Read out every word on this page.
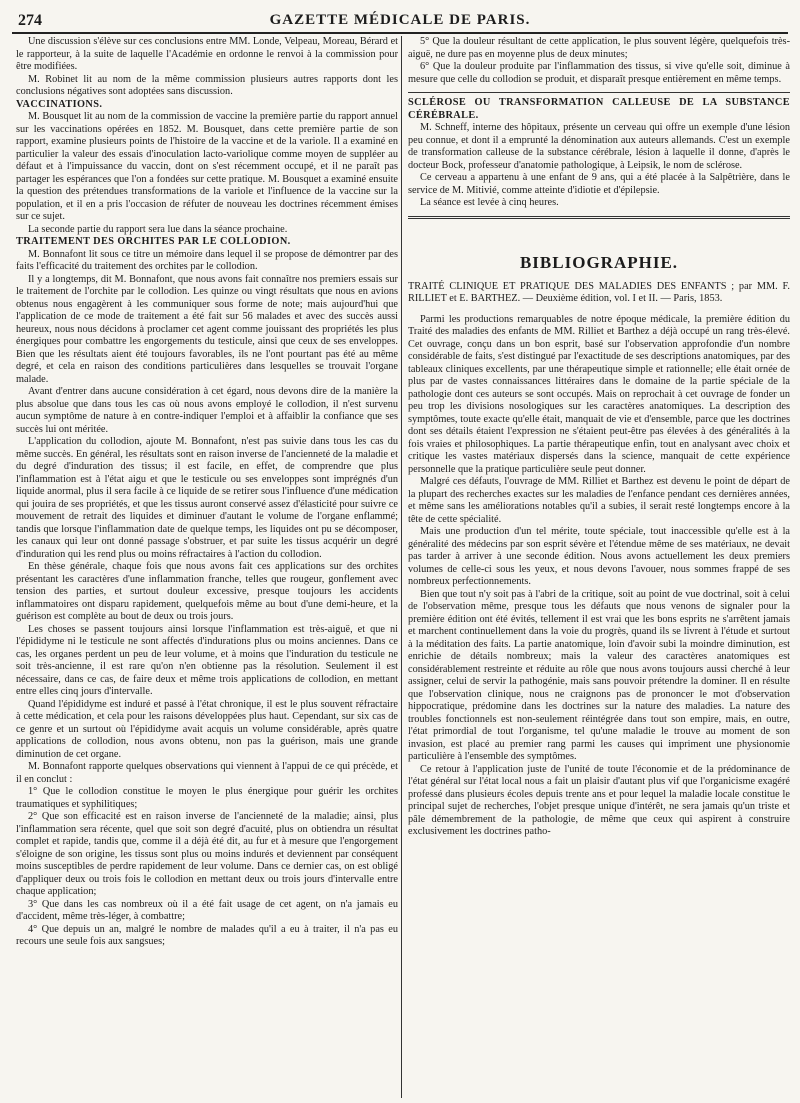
274	GAZETTE MÉDICALE DE PARIS.

Une discussion s'élève sur ces conclusions entre MM. Londe, Velpeau, Moreau, Bérard et le rapporteur, à la suite de laquelle l'Académie en ordonne le renvoi à la commission pour être modifiées.

M. Robinet lit au nom de la même commission plusieurs autres rapports dont les conclusions négatives sont adoptées sans discussion.

VACCINATIONS.

M. Bousquet lit au nom de la commission de vaccine la première partie du rapport annuel sur les vaccinations opérées en 1852. M. Bousquet, dans cette première partie de son rapport, examine plusieurs points de l'histoire de la vaccine et de la variole. Il a examiné en particulier la valeur des essais d'inoculation lacto-variolique comme moyen de suppléer au défaut et à l'impuissance du vaccin, dont on s'est récemment occupé, et il ne paraît pas partager les espérances que l'on a fondées sur cette pratique. M. Bousquet a examiné ensuite la question des prétendues transformations de la variole et l'influence de la vaccine sur la population, et il en a pris l'occasion de réfuter de nouveau les doctrines récemment émises sur ce sujet.

La seconde partie du rapport sera lue dans la séance prochaine.

TRAITEMENT DES ORCHITES PAR LE COLLODION.

M. Bonnafont lit sous ce titre un mémoire dans lequel il se propose de démontrer par des faits l'efficacité du traitement des orchites par le collodion.

Il y a longtemps, dit M. Bonnafont, que nous avons fait connaître nos premiers essais sur le traitement de l'orchite par le collodion. Les quinze ou vingt résultats que nous en avions obtenus nous engagèrent à les communiquer sous forme de note; mais aujourd'hui que l'application de ce mode de traitement a été fait sur 56 malades et avec des succès aussi heureux, nous nous décidons à proclamer cet agent comme jouissant des propriétés les plus énergiques pour combattre les engorgements du testicule, ainsi que ceux de ses enveloppes. Bien que les résultats aient été toujours favorables, ils ne l'ont pourtant pas été au même degré, et cela en raison des conditions particulières dans lesquelles se trouvait l'organe malade.

Avant d'entrer dans aucune considération à cet égard, nous devons dire de la manière la plus absolue que dans tous les cas où nous avons employé le collodion, il n'est survenu aucun symptôme de nature à en contre-indiquer l'emploi et à affaiblir la confiance que ses succès lui ont méritée.

L'application du collodion, ajoute M. Bonnafont, n'est pas suivie dans tous les cas du même succès. En général, les résultats sont en raison inverse de l'ancienneté de la maladie et du degré d'induration des tissus; il est facile, en effet, de comprendre que plus l'inflammation est à l'état aigu et que le testicule ou ses enveloppes sont imprégnés d'un liquide anormal, plus il sera facile à ce liquide de se retirer sous l'influence d'une médication qui jouira de ses propriétés, et que les tissus auront conservé assez d'élasticité pour suivre ce mouvement de retrait des liquides et diminuer d'autant le volume de l'organe enflammé; tandis que lorsque l'inflammation date de quelque temps, les liquides ont pu se décomposer, les canaux qui leur ont donné passage s'obstruer, et par suite les tissus acquérir un degré d'induration qui les rend plus ou moins réfractaires à l'action du collodion.

En thèse générale, chaque fois que nous avons fait ces applications sur des orchites présentant les caractères d'une inflammation franche, telles que rougeur, gonflement avec tension des parties, et surtout douleur excessive, presque toujours les accidents inflammatoires ont disparu rapidement, quelquefois même au bout d'une demi-heure, et la guérison est complète au bout de deux ou trois jours.

Les choses se passent toujours ainsi lorsque l'inflammation est très-aiguë, et que ni l'épididyme ni le testicule ne sont affectés d'indurations plus ou moins anciennes. Dans ce cas, les organes perdent un peu de leur volume, et à moins que l'induration du testicule ne soit très-ancienne, il est rare qu'on n'en obtienne pas la résolution. Seulement il est nécessaire, dans ce cas, de faire deux et même trois applications de collodion, en mettant entre elles cinq jours d'intervalle.

Quand l'épididyme est induré et passé à l'état chronique, il est le plus souvent réfractaire à cette médication, et cela pour les raisons développées plus haut. Cependant, sur six cas de ce genre et un surtout où l'épididyme avait acquis un volume considérable, après quatre applications de collodion, nous avons obtenu, non pas la guérison, mais une grande diminution de cet organe.

M. Bonnafont rapporte quelques observations qui viennent à l'appui de ce qui précède, et il en conclut :

1° Que le collodion constitue le moyen le plus énergique pour guérir les orchites traumatiques et syphilitiques;

2° Que son efficacité est en raison inverse de l'ancienneté de la maladie; ainsi, plus l'inflammation sera récente, quel que soit son degré d'acuité, plus on obtiendra un résultat complet et rapide, tandis que, comme il a déjà été dit, au fur et à mesure que l'engorgement s'éloigne de son origine, les tissus sont plus ou moins indurés et deviennent par conséquent moins susceptibles de perdre rapidement de leur volume. Dans ce dernier cas, on est obligé d'appliquer deux ou trois fois le collodion en mettant deux ou trois jours d'intervalle entre chaque application;

3° Que dans les cas nombreux où il a été fait usage de cet agent, on n'a jamais eu d'accident, même très-léger, à combattre;

4° Que depuis un an, malgré le nombre de malades qu'il a eu à traiter, il n'a pas eu recours une seule fois aux sangsues;

5° Que la douleur résultant de cette application, le plus souvent légère, quelquefois très-aiguë, ne dure pas en moyenne plus de deux minutes;

6° Que la douleur produite par l'inflammation des tissus, si vive qu'elle soit, diminue à mesure que celle du collodion se produit, et disparaît presque entièrement en même temps.

SCLÉROSE OU TRANSFORMATION CALLEUSE DE LA SUBSTANCE CÉRÉBRALE.

M. Schneff, interne des hôpitaux, présente un cerveau qui offre un exemple d'une lésion peu connue, et dont il a emprunté la dénomination aux auteurs allemands. C'est un exemple de transformation calleuse de la substance cérébrale, lésion à laquelle il donne, d'après le docteur Bock, professeur d'anatomie pathologique, à Leipsik, le nom de sclérose.

Ce cerveau a appartenu à une enfant de 9 ans, qui a été placée à la Salpêtrière, dans le service de M. Mitivié, comme atteinte d'idiotie et d'épilepsie.

La séance est levée à cinq heures.

BIBLIOGRAPHIE.

TRAITÉ CLINIQUE ET PRATIQUE DES MALADIES DES ENFANTS ; par MM. F. RILLIET et E. BARTHEZ. — Deuxième édition, vol. I et II. — Paris, 1853.

Parmi les productions remarquables de notre époque médicale, la première édition du Traité des maladies des enfants de MM. Rilliet et Barthez a déjà occupé un rang très-élevé. Cet ouvrage, conçu dans un bon esprit, basé sur l'observation approfondie d'un nombre considérable de faits, s'est distingué par l'exactitude de ses descriptions anatomiques, par des tableaux cliniques excellents, par une thérapeutique simple et rationnelle; elle était ornée de plus par de vastes connaissances littéraires dans le domaine de la partie spéciale de la pathologie dont ces auteurs se sont occupés. Mais on reprochait à cet ouvrage de fonder un peu trop les divisions nosologiques sur les caractères anatomiques. La description des symptômes, toute exacte qu'elle était, manquait de vie et d'ensemble, parce que les doctrines dont ses détails étaient l'expression ne s'étaient peut-être pas élevées à des généralités à la fois vraies et philosophiques. La partie thérapeutique enfin, tout en analysant avec choix et critique les vastes matériaux dispersés dans la science, manquait de cette expérience personnelle que la pratique particulière seule peut donner.

Malgré ces défauts, l'ouvrage de MM. Rilliet et Barthez est devenu le point de départ de la plupart des recherches exactes sur les maladies de l'enfance pendant ces dernières années, et même sans les améliorations notables qu'il a subies, il serait resté longtemps encore à la tête de cette spécialité.

Mais une production d'un tel mérite, toute spéciale, tout inaccessible qu'elle est à la généralité des médecins par son esprit sévère et l'étendue même de ses matériaux, ne devait pas tarder à arriver à une seconde édition. Nous avons actuellement les deux premiers volumes de celle-ci sous les yeux, et nous devons l'avouer, nous sommes frappé de ses nombreux perfectionnements.

Bien que tout n'y soit pas à l'abri de la critique, soit au point de vue doctrinal, soit à celui de l'observation même, presque tous les défauts que nous venons de signaler pour la première édition ont été évités, tellement il est vrai que les bons esprits ne s'arrêtent jamais et marchent continuellement dans la voie du progrès, quand ils se livrent à l'étude et surtout à la méditation des faits. La partie anatomique, loin d'avoir subi la moindre diminution, est enrichie de détails nombreux; mais la valeur des caractères anatomiques est considérablement restreinte et réduite au rôle que nous avons toujours aussi cherché à leur assigner, celui de servir la pathogénie, mais sans pouvoir prétendre la dominer. Il en résulte que l'observation clinique, nous ne craignons pas de prononcer le mot d'observation hippocratique, prédomine dans les doctrines sur la nature des maladies. La nature des troubles fonctionnels est non-seulement réintégrée dans tout son empire, mais, en outre, l'état primordial de tout l'organisme, tel qu'une maladie le trouve au moment de son invasion, est placé au premier rang parmi les causes qui impriment une physionomie particulière à l'ensemble des symptômes.

Ce retour à l'application juste de l'unité de toute l'économie et de la prédominance de l'état général sur l'état local nous a fait un plaisir d'autant plus vif que l'organicisme exagéré professé dans plusieurs écoles depuis trente ans et pour lequel la maladie locale constitue le principal sujet de recherches, l'objet presque unique d'intérêt, ne sera jamais qu'un triste et pâle démembrement de la pathologie, de même que ceux qui aspirent à construire exclusivement les doctrines patho-
